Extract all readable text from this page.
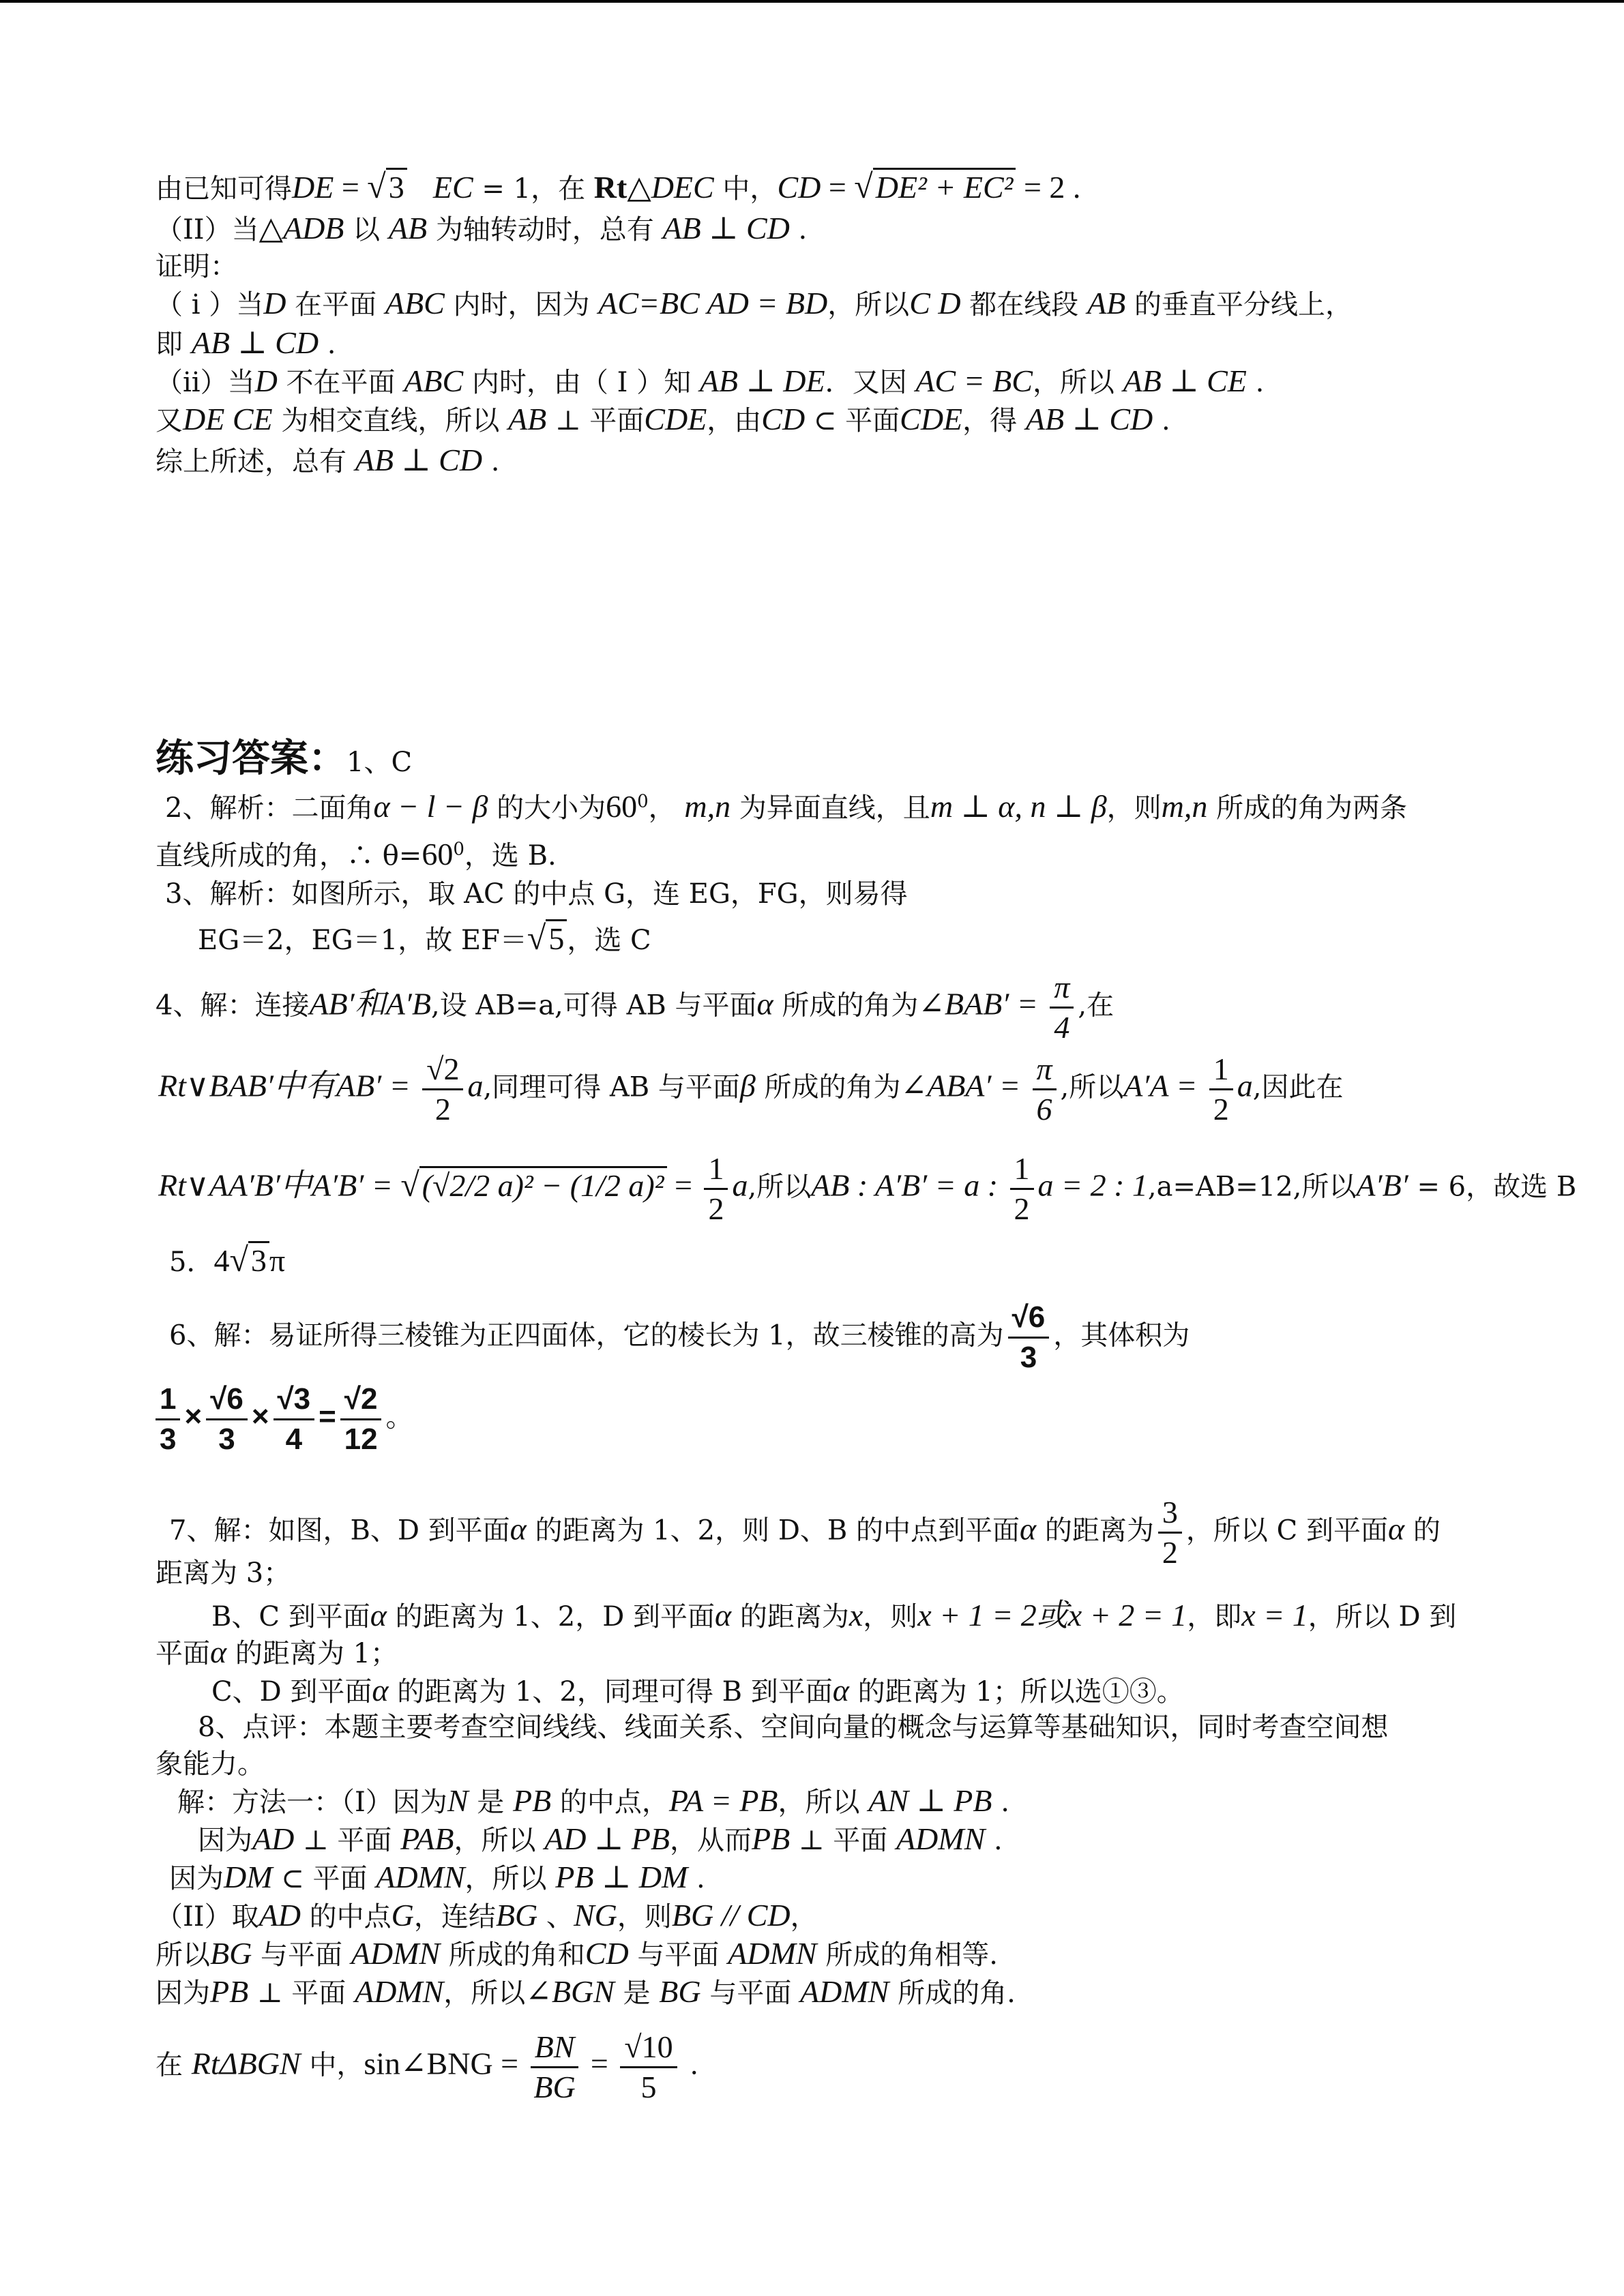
由已知可得DE = √3 EC = 1，在 Rt△DEC 中，CD = √DE² + EC² = 2 .
（II）当△ADB 以 AB 为轴转动时，总有 AB ⊥ CD .
证明：
（ i ）当D 在平面 ABC 内时，因为 AC=BC AD = BD，所以C D 都在线段 AB 的垂直平分线上，
即 AB ⊥ CD .
（ii）当D 不在平面 ABC 内时，由（ I ）知 AB ⊥ DE．又因 AC = BC，所以 AB ⊥ CE .
又DE CE 为相交直线，所以 AB ⊥ 平面CDE，由CD ⊂ 平面CDE，得 AB ⊥ CD .
综上所述，总有 AB ⊥ CD .
练习答案：1、C
2、解析：二面角α − l − β 的大小为$60^0$， m,n 为异面直线，且m ⊥ α, n ⊥ β，则m,n 所成的角为两条
直线所成的角，∴ $\theta=60^0$，选 B.
3、解析：如图所示，取 AC 的中点 G，连 EG，FG，则易得
EG＝2，EG＝1，故 EF＝√5 ，选 C
4、解：连接AB′和A′B,设 AB=a,可得 AB 与平面α 所成的角为∠BAB′ = $\frac{\pi}{4}$ ,在
Rt∨BAB′中有$AB' = \frac{√2}{2} a$,同理可得 AB 与平面β 所成的角为∠ABA′ = $\frac{\pi}{6}$ ,所以$A'A = \frac{1}{2} a$,因此在
Rt∨AA′B′中A′B′ = √(√2/2 a)² − (1/2 $a)^2 = \frac{1}{2} a$,所以AB : A′B′ = a : $\frac{1}{2}$ a = 2 : 1,a=AB=12,所以A′B′ = 6，故选 B
5．4√3π
6、解：易证所得三棱锥为正四面体，它的棱长为 1，故三棱锥的高为 $\frac{√6}{3}$ ，其体积为
$\frac{1}{3} \times \frac{√6}{3} \times \frac{√3}{4} = \frac{√2}{12}$ 。
7、解：如图，B、D 到平面α 的距离为 1、2，则 D、B 的中点到平面α 的距离为 $\frac{3}{2}$ ，所以 C 到平面α 的
距离为 3；
B、C 到平面α 的距离为 1、2，D 到平面α 的距离为x，则x + 1 = 2或x + 2 = 1，即x = 1，所以 D 到
平面α 的距离为 1；
C、D 到平面α 的距离为 1、2，同理可得 B 到平面α 的距离为 1；所以选①③。
8、点评：本题主要考查空间线线、线面关系、空间向量的概念与运算等基础知识，同时考查空间想
象能力。
解：方法一：（I）因为N 是 PB 的中点，PA = PB，所以 AN ⊥ PB .
因为AD ⊥ 平面 PAB，所以 AD ⊥ PB，从而PB ⊥ 平面 ADMN .
因为DM ⊂ 平面 ADMN，所以 PB ⊥ DM .
（II）取AD 的中点G，连结BG 、NG，则BG // CD，
所以BG 与平面 ADMN 所成的角和CD 与平面 ADMN 所成的角相等.
因为PB ⊥ 平面 ADMN，所以∠BGN 是 BG 与平面 ADMN 所成的角.
在 RtΔBGN 中，sin∠BNG = $\frac{BN}{BG} = \frac{√10}{5}$ .
